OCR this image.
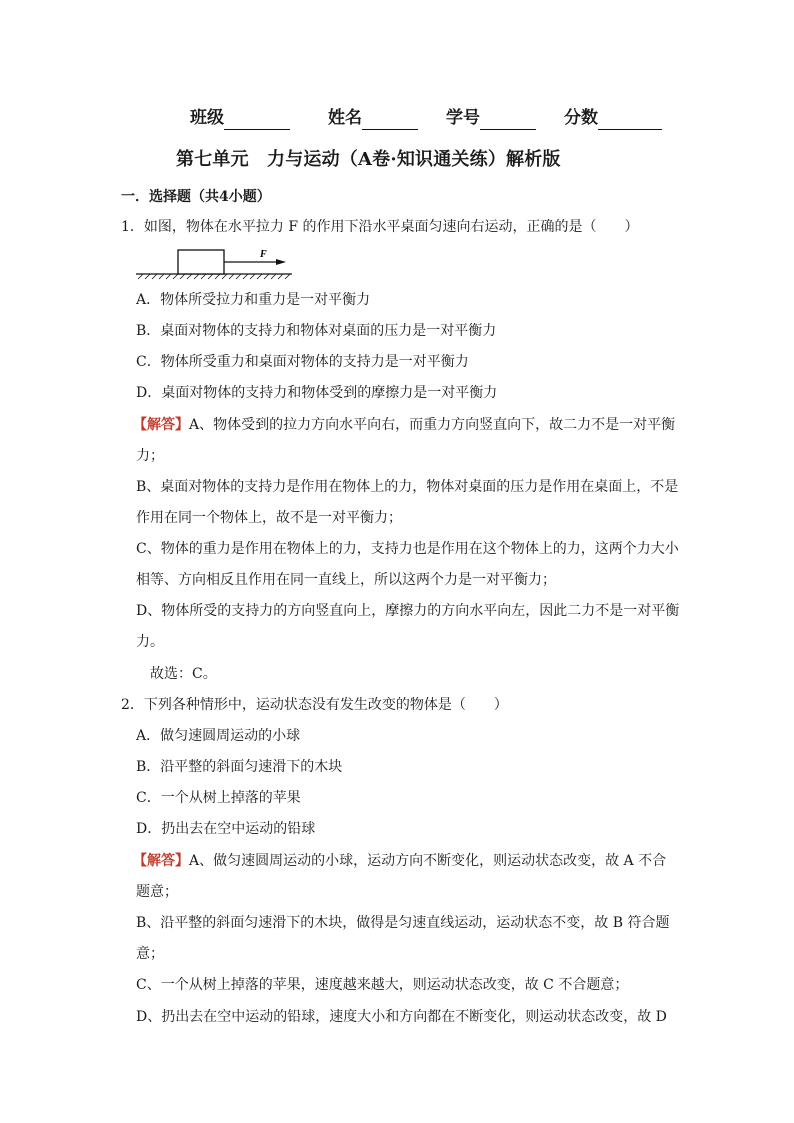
班级	姓名	学号	分数
第七单元　力与运动（A卷·知识通关练）解析版
一．选择题（共4小题）
1．如图，物体在水平拉力 F 的作用下沿水平桌面匀速向右运动，正确的是（　　）
F
A．物体所受拉力和重力是一对平衡力
B．桌面对物体的支持力和物体对桌面的压力是一对平衡力
C．物体所受重力和桌面对物体的支持力是一对平衡力
D．桌面对物体的支持力和物体受到的摩擦力是一对平衡力
【解答】A、物体受到的拉力方向水平向右，而重力方向竖直向下，故二力不是一对平衡
力；
B、桌面对物体的支持力是作用在物体上的力，物体对桌面的压力是作用在桌面上，不是
作用在同一个物体上，故不是一对平衡力；
C、物体的重力是作用在物体上的力，支持力也是作用在这个物体上的力，这两个力大小
相等、方向相反且作用在同一直线上，所以这两个力是一对平衡力；
D、物体所受的支持力的方向竖直向上，摩擦力的方向水平向左，因此二力不是一对平衡
力。
故选：C。
2．下列各种情形中，运动状态没有发生改变的物体是（　　）
A．做匀速圆周运动的小球
B．沿平整的斜面匀速滑下的木块
C．一个从树上掉落的苹果
D．扔出去在空中运动的铅球
【解答】A、做匀速圆周运动的小球，运动方向不断变化，则运动状态改变，故 A 不合
题意；
B、沿平整的斜面匀速滑下的木块，做得是匀速直线运动，运动状态不变，故 B 符合题
意；
C、一个从树上掉落的苹果，速度越来越大，则运动状态改变，故 C 不合题意；
D、扔出去在空中运动的铅球，速度大小和方向都在不断变化，则运动状态改变，故 D
